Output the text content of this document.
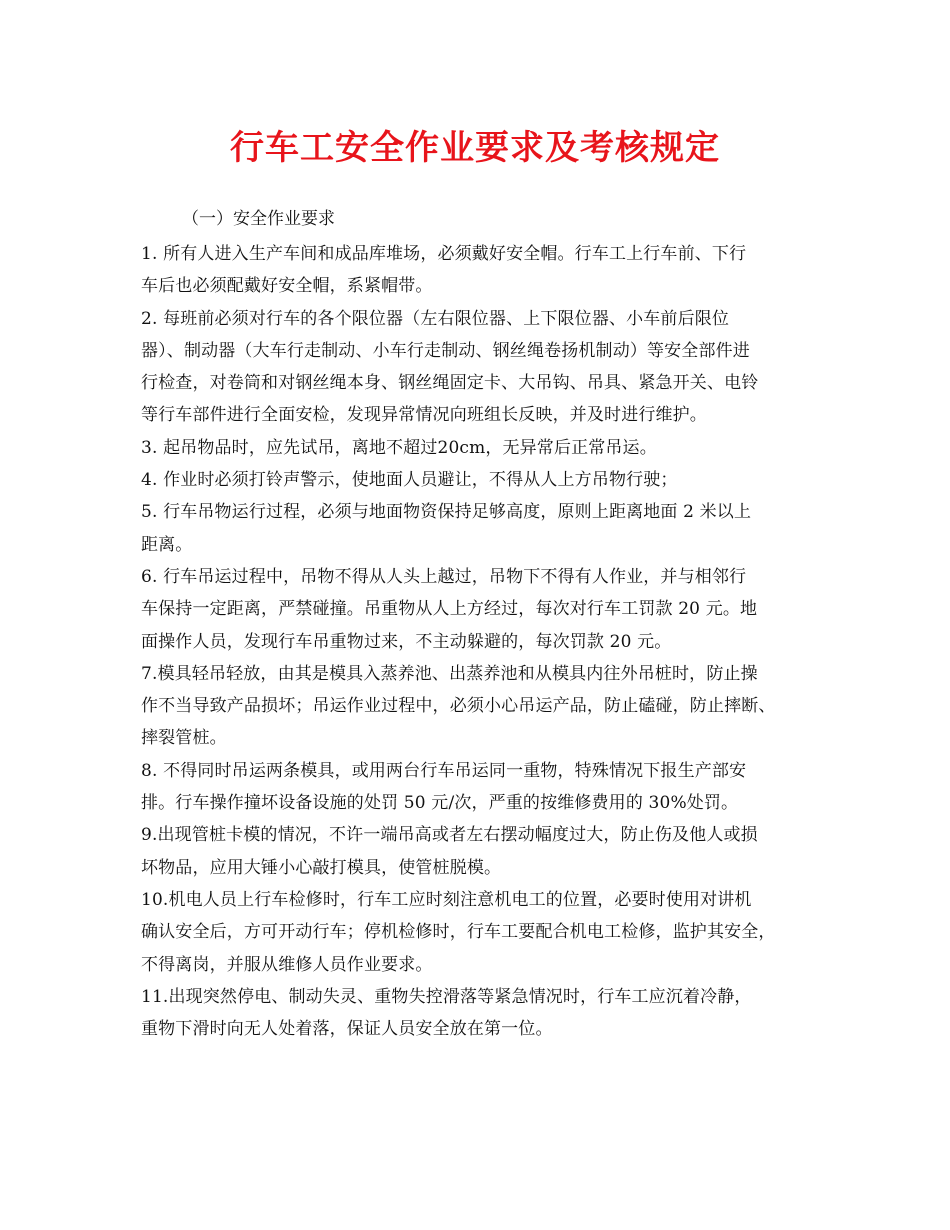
行车工安全作业要求及考核规定
（一）安全作业要求
1. 所有人进入生产车间和成品库堆场，必须戴好安全帽。行车工上行车前、下行
车后也必须配戴好安全帽，系紧帽带。
2. 每班前必须对行车的各个限位器（左右限位器、上下限位器、小车前后限位
器）、制动器（大车行走制动、小车行走制动、钢丝绳卷扬机制动）等安全部件进
行检查，对卷筒和对钢丝绳本身、钢丝绳固定卡、大吊钩、吊具、紧急开关、电铃
等行车部件进行全面安检，发现异常情况向班组长反映，并及时进行维护。
3. 起吊物品时，应先试吊，离地不超过20cm，无异常后正常吊运。
4. 作业时必须打铃声警示，使地面人员避让，不得从人上方吊物行驶；
5. 行车吊物运行过程，必须与地面物资保持足够高度，原则上距离地面 2 米以上
距离。
6. 行车吊运过程中，吊物不得从人头上越过，吊物下不得有人作业，并与相邻行
车保持一定距离，严禁碰撞。吊重物从人上方经过，每次对行车工罚款 20 元。地
面操作人员，发现行车吊重物过来，不主动躲避的，每次罚款 20 元。
7.模具轻吊轻放，由其是模具入蒸养池、出蒸养池和从模具内往外吊桩时，防止操
作不当导致产品损坏；吊运作业过程中，必须小心吊运产品，防止磕碰，防止摔断、
摔裂管桩。
8. 不得同时吊运两条模具，或用两台行车吊运同一重物，特殊情况下报生产部安
排。行车操作撞坏设备设施的处罚 50 元/次，严重的按维修费用的 30%处罚。
9.出现管桩卡模的情况，不许一端吊高或者左右摆动幅度过大，防止伤及他人或损
坏物品，应用大锤小心敲打模具，使管桩脱模。
10.机电人员上行车检修时，行车工应时刻注意机电工的位置，必要时使用对讲机
确认安全后，方可开动行车；停机检修时，行车工要配合机电工检修，监护其安全，
不得离岗，并服从维修人员作业要求。
11.出现突然停电、制动失灵、重物失控滑落等紧急情况时，行车工应沉着冷静，
重物下滑时向无人处着落，保证人员安全放在第一位。
